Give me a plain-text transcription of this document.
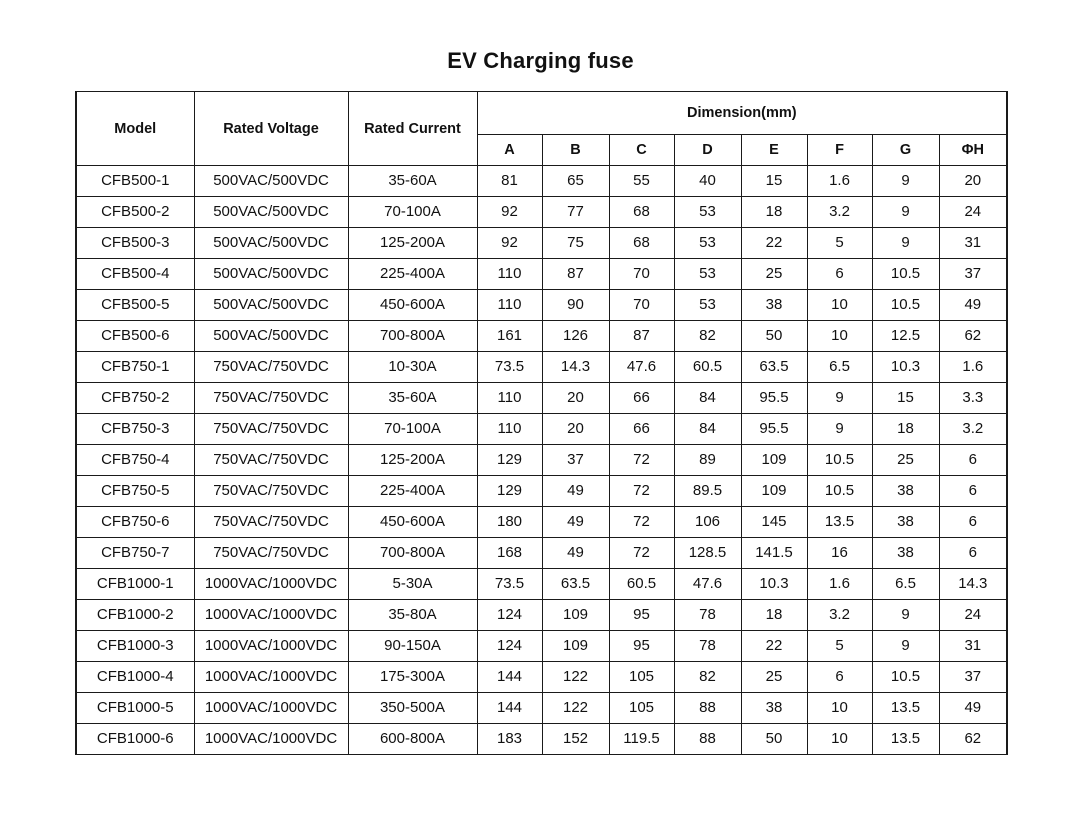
EV Charging fuse
Model	Rated Voltage	Rated Current	Dimension(mm)							
			A	B	C	D	E	F	G	ΦH
CFB500-1	500VAC/500VDC	35-60A	81	65	55	40	15	1.6	9	20
CFB500-2	500VAC/500VDC	70-100A	92	77	68	53	18	3.2	9	24
CFB500-3	500VAC/500VDC	125-200A	92	75	68	53	22	5	9	31
CFB500-4	500VAC/500VDC	225-400A	110	87	70	53	25	6	10.5	37
CFB500-5	500VAC/500VDC	450-600A	110	90	70	53	38	10	10.5	49
CFB500-6	500VAC/500VDC	700-800A	161	126	87	82	50	10	12.5	62
CFB750-1	750VAC/750VDC	10-30A	73.5	14.3	47.6	60.5	63.5	6.5	10.3	1.6
CFB750-2	750VAC/750VDC	35-60A	110	20	66	84	95.5	9	15	3.3
CFB750-3	750VAC/750VDC	70-100A	110	20	66	84	95.5	9	18	3.2
CFB750-4	750VAC/750VDC	125-200A	129	37	72	89	109	10.5	25	6
CFB750-5	750VAC/750VDC	225-400A	129	49	72	89.5	109	10.5	38	6
CFB750-6	750VAC/750VDC	450-600A	180	49	72	106	145	13.5	38	6
CFB750-7	750VAC/750VDC	700-800A	168	49	72	128.5	141.5	16	38	6
CFB1000-1	1000VAC/1000VDC	5-30A	73.5	63.5	60.5	47.6	10.3	1.6	6.5	14.3
CFB1000-2	1000VAC/1000VDC	35-80A	124	109	95	78	18	3.2	9	24
CFB1000-3	1000VAC/1000VDC	90-150A	124	109	95	78	22	5	9	31
CFB1000-4	1000VAC/1000VDC	175-300A	144	122	105	82	25	6	10.5	37
CFB1000-5	1000VAC/1000VDC	350-500A	144	122	105	88	38	10	13.5	49
CFB1000-6	1000VAC/1000VDC	600-800A	183	152	119.5	88	50	10	13.5	62
